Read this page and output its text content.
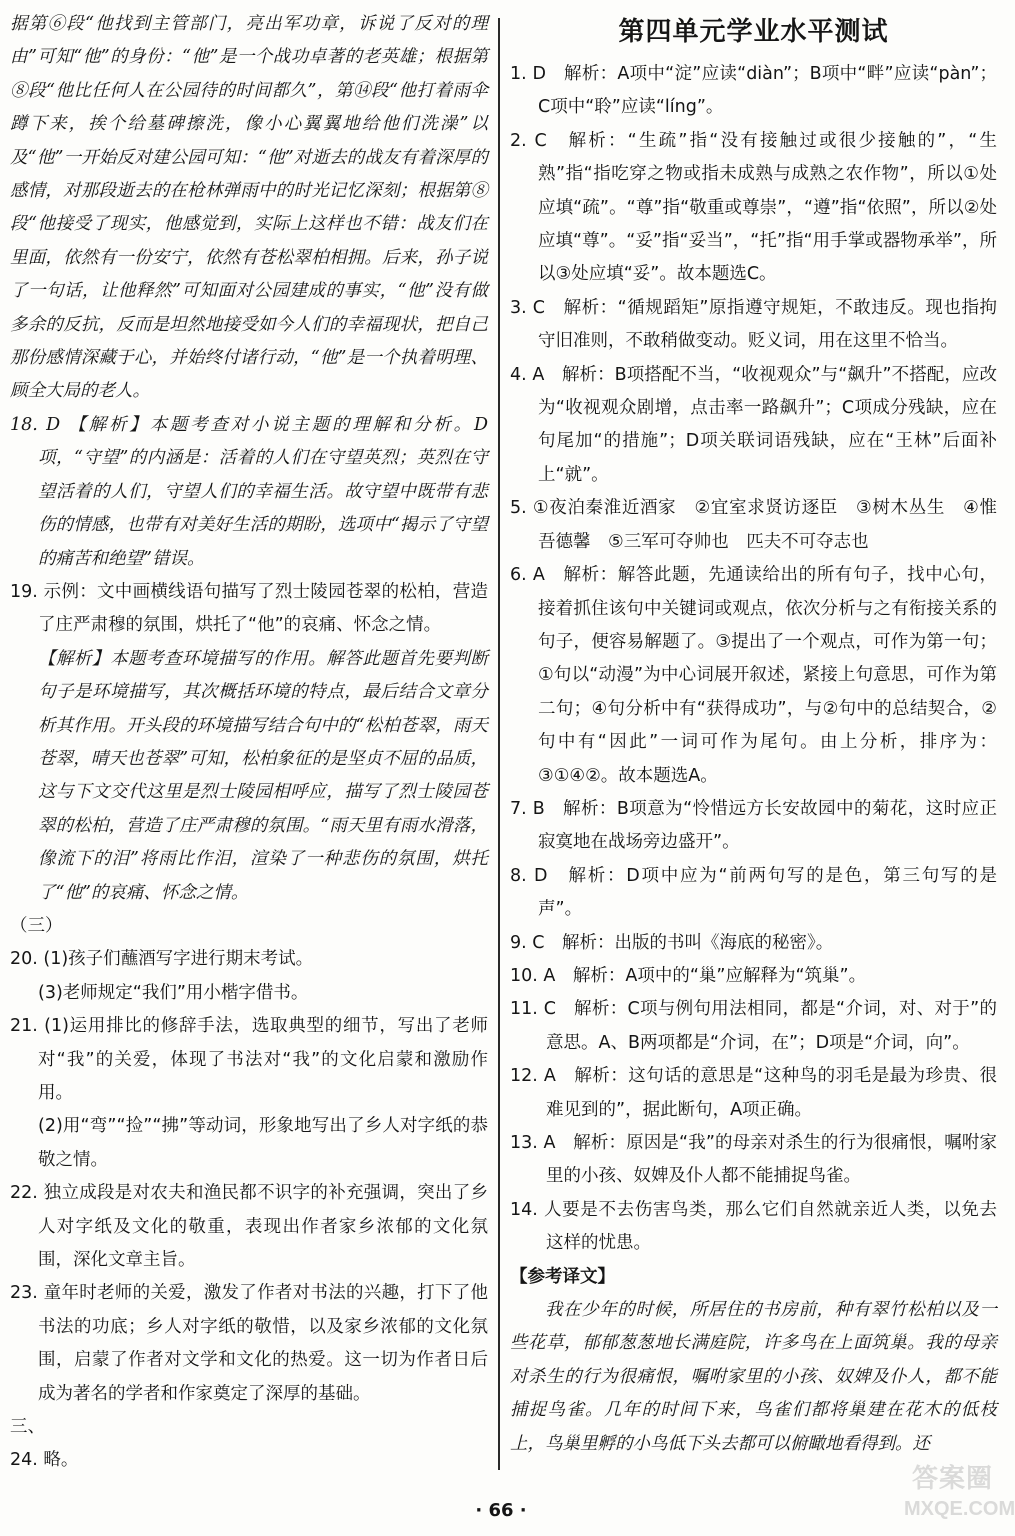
据第⑥段“他找到主管部门，亮出军功章，诉说了反对的理由”可知“他”的身份：“他”是一个战功卓著的老英雄；根据第⑧段“他比任何人在公园待的时间都久”，第⑭段“他打着雨伞蹲下来，挨个给墓碑擦洗，像小心翼翼地给他们洗澡”以及“他”一开始反对建公园可知：“他”对逝去的战友有着深厚的感情，对那段逝去的在枪林弹雨中的时光记忆深刻；根据第⑧段“他接受了现实，他感觉到，实际上这样也不错：战友们在里面，依然有一份安宁，依然有苍松翠柏相拥。后来，孙子说了一句话，让他释然”可知面对公园建成的事实，“他”没有做多余的反抗，反而是坦然地接受如今人们的幸福现状，把自己那份感情深藏于心，并始终付诸行动，“他”是一个执着明理、顾全大局的老人。
18. D 【解析】本题考查对小说主题的理解和分析。D项，“守望”的内涵是：活着的人们在守望英烈；英烈在守望活着的人们，守望人们的幸福生活。故守望中既带有悲伤的情感，也带有对美好生活的期盼，选项中“揭示了守望的痛苦和绝望”错误。
19. 示例：文中画横线语句描写了烈士陵园苍翠的松柏，营造了庄严肃穆的氛围，烘托了“他”的哀痛、怀念之情。
【解析】本题考查环境描写的作用。解答此题首先要判断句子是环境描写，其次概括环境的特点，最后结合文章分析其作用。开头段的环境描写结合句中的“松柏苍翠，雨天苍翠，晴天也苍翠”可知，松柏象征的是坚贞不屈的品质，这与下文交代这里是烈士陵园相呼应，描写了烈士陵园苍翠的松柏，营造了庄严肃穆的氛围。“雨天里有雨水滑落，像流下的泪”将雨比作泪，渲染了一种悲伤的氛围，烘托了“他”的哀痛、怀念之情。
（三）
20. (1)孩子们蘸酒写字进行期末考试。
(3)老师规定“我们”用小楷字借书。
21. (1)运用排比的修辞手法，选取典型的细节，写出了老师对“我”的关爱，体现了书法对“我”的文化启蒙和激励作用。
(2)用“弯”“捡”“拂”等动词，形象地写出了乡人对字纸的恭敬之情。
22. 独立成段是对农夫和渔民都不识字的补充强调，突出了乡人对字纸及文化的敬重，表现出作者家乡浓郁的文化氛围，深化文章主旨。
23. 童年时老师的关爱，激发了作者对书法的兴趣，打下了他书法的功底；乡人对字纸的敬惜，以及家乡浓郁的文化氛围，启蒙了作者对文学和文化的热爱。这一切为作者日后成为著名的学者和作家奠定了深厚的基础。
三、
24. 略。
第四单元学业水平测试
1. D　解析：A项中“淀”应读“diàn”；B项中“畔”应读“pàn”；C项中“聆”应读“líng”。
2. C　解析：“生疏”指“没有接触过或很少接触的”，“生熟”指“指吃穿之物或指未成熟与成熟之农作物”，所以①处应填“疏”。“尊”指“敬重或尊崇”，“遵”指“依照”，所以②处应填“尊”。“妥”指“妥当”，“托”指“用手掌或器物承举”，所以③处应填“妥”。故本题选C。
3. C　解析：“循规蹈矩”原指遵守规矩，不敢违反。现也指拘守旧准则，不敢稍做变动。贬义词，用在这里不恰当。
4. A　解析：B项搭配不当，“收视观众”与“飙升”不搭配，应改为“收视观众剧增，点击率一路飙升”；C项成分残缺，应在句尾加“的措施”；D项关联词语残缺，应在“王林”后面补上“就”。
5. ①夜泊秦淮近酒家　②宜室求贤访逐臣　③树木丛生　④惟吾德馨　⑤三军可夺帅也　匹夫不可夺志也
6. A　解析：解答此题，先通读给出的所有句子，找中心句，接着抓住该句中关键词或观点，依次分析与之有衔接关系的句子，便容易解题了。③提出了一个观点，可作为第一句；①句以“动漫”为中心词展开叙述，紧接上句意思，可作为第二句；④句分析中有“获得成功”，与②句中的总结契合，②句中有“因此”一词可作为尾句。由上分析，排序为：③①④②。故本题选A。
7. B　解析：B项意为“怜惜远方长安故园中的菊花，这时应正寂寞地在战场旁边盛开”。
8. D　解析：D项中应为“前两句写的是色，第三句写的是声”。
9. C　解析：出版的书叫《海底的秘密》。
10. A　解析：A项中的“巢”应解释为“筑巢”。
11. C　解析：C项与例句用法相同，都是“介词，对、对于”的意思。A、B两项都是“介词，在”；D项是“介词，向”。
12. A　解析：这句话的意思是“这种鸟的羽毛是最为珍贵、很难见到的”，据此断句，A项正确。
13. A　解析：原因是“我”的母亲对杀生的行为很痛恨，嘱咐家里的小孩、奴婢及仆人都不能捕捉鸟雀。
14. 人要是不去伤害鸟类，那么它们自然就亲近人类，以免去这样的忧患。
【参考译文】
我在少年的时候，所居住的书房前，种有翠竹松柏以及一些花草，郁郁葱葱地长满庭院，许多鸟在上面筑巢。我的母亲对杀生的行为很痛恨，嘱咐家里的小孩、奴婢及仆人，都不能捕捉鸟雀。几年的时间下来，鸟雀们都将巢建在花木的低枝上，鸟巢里孵的小鸟低下头去都可以俯瞰地看得到。还
· 66 ·
答案圈
MXQE.COM
